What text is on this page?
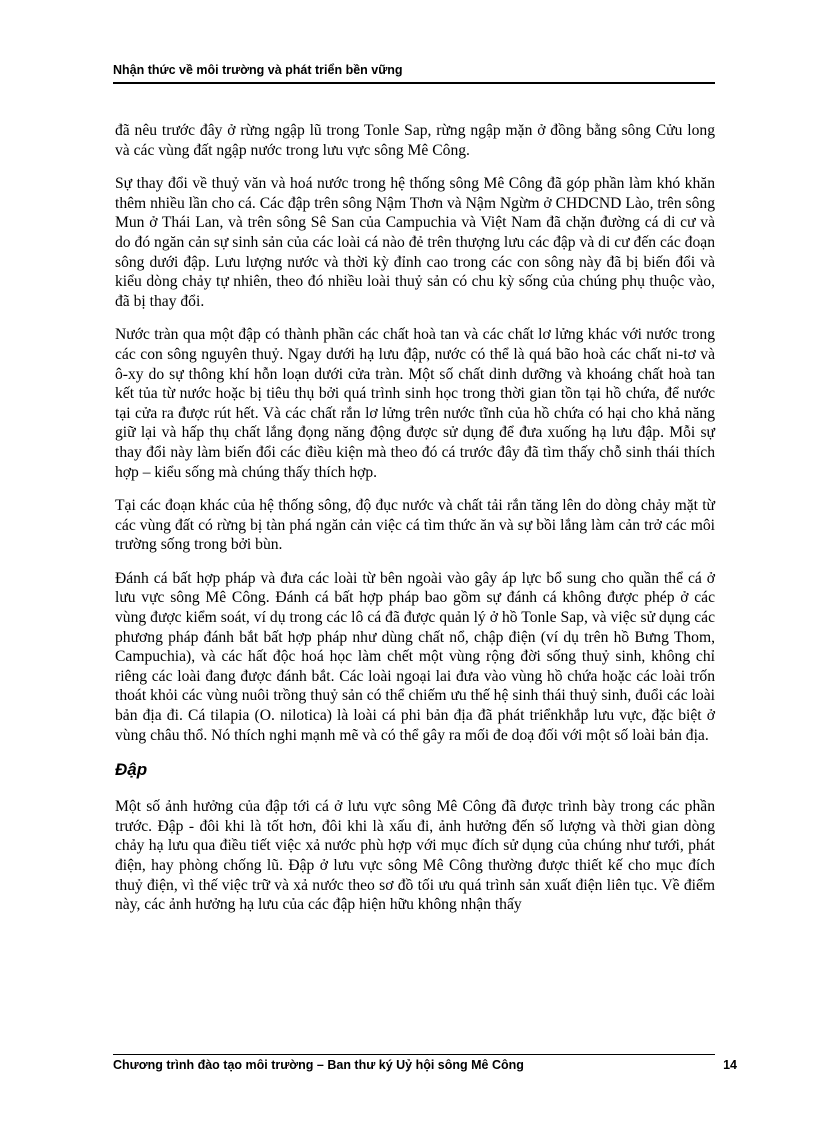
Nhận thức về môi trường và phát triển bền vững

đã nêu trước đây ở rừng ngập lũ trong Tonle Sap, rừng ngập mặn ở đồng bằng sông Cửu long và các vùng đất ngập nước trong lưu vực sông Mê Công.

Sự thay đổi về thuỷ văn và hoá nước trong hệ thống sông Mê Công đã góp phần làm khó khăn thêm nhiều lần cho cá. Các đập trên sông Nậm Thơn và Nậm Ngừm ở CHDCND Lào, trên sông Mun ở Thái Lan, và trên sông Sê San của Campuchia và Việt Nam đã chặn đường cá di cư và do đó ngăn cản sự sinh sản của các loài cá nào đẻ trên thượng lưu các đập và di cư đến các đoạn sông dưới đập. Lưu lượng nước và thời kỳ đỉnh cao trong các con sông này đã bị biến đổi và kiểu dòng chảy tự nhiên, theo đó nhiều loài thuỷ sản có chu kỳ sống của chúng phụ thuộc vào, đã bị thay đổi.

Nước tràn qua một đập có thành phần các chất hoà tan và các chất lơ lửng khác với nước trong các con sông nguyên thuỷ. Ngay dưới hạ lưu đập, nước có thể là quá bão hoà các chất ni-tơ và ô-xy do sự thông khí hỗn loạn dưới cửa tràn. Một số chất dinh dưỡng và khoáng chất hoà tan kết tủa từ nước hoặc bị tiêu thụ bởi quá trình sinh học trong thời gian tồn tại hồ chứa, để nước tại cửa ra được rút hết. Và các chất rắn lơ lửng trên nước tĩnh của hồ chứa có hại cho khả năng giữ lại và hấp thụ chất lắng đọng năng động được sử dụng để đưa xuống hạ lưu đập. Mỗi sự thay đổi này làm biến đổi các điều kiện mà theo đó cá trước đây đã tìm thấy chỗ sinh thái thích hợp – kiểu sống mà chúng thấy thích hợp.

Tại các đoạn khác của hệ thống sông, độ đục nước và chất tải rắn tăng lên do dòng chảy mặt từ các vùng đất có rừng bị tàn phá ngăn cản việc cá tìm thức ăn và sự bồi lắng làm cản trở các môi trường sống trong bởi bùn.

Đánh cá bất hợp pháp và đưa các loài từ bên ngoài vào gây áp lực bổ sung cho quần thể cá ở lưu vực sông Mê Công. Đánh cá bất hợp pháp bao gồm sự đánh cá không được phép ở các vùng được kiểm soát, ví dụ trong các lô cá đã được quản lý ở hồ Tonle Sap, và việc sử dụng các phương pháp đánh bắt bất hợp pháp như dùng chất nổ, chập điện (ví dụ trên hồ Bưng Thom, Campuchia), và các hất độc hoá học làm chết một vùng rộng đời sống thuỷ sinh, không chỉ riêng các loài đang được đánh bắt. Các loài ngoại lai đưa vào vùng hồ chứa hoặc các loài trốn thoát khỏi các vùng nuôi trồng thuỷ sản có thể chiếm ưu thế hệ sinh thái thuỷ sinh, đuổi các loài bản địa đi. Cá tilapia (O. nilotica) là loài cá phi bản địa đã phát triểnkhắp lưu vực, đặc biệt ở vùng châu thổ. Nó thích nghi mạnh mẽ và có thể gây ra mối đe doạ đối với một số loài bản địa.

Đập

Một số ảnh hưởng của đập tới cá ở lưu vực sông Mê Công đã được trình bày trong các phần trước. Đập - đôi khi là tốt hơn, đôi khi là xấu đi, ảnh hưởng đến số lượng và thời gian dòng chảy hạ lưu qua điều tiết việc xả nước phù hợp với mục đích sử dụng của chúng như tưới, phát điện, hay phòng chống lũ. Đập ở lưu vực sông Mê Công thường được thiết kế cho mục đích thuỷ điện, vì thế việc trữ và xả nước theo sơ đồ tối ưu quá trình sản xuất điện liên tục. Về điểm này, các ảnh hưởng hạ lưu của các đập hiện hữu không nhận thấy

Chương trình đào tạo môi trường – Ban thư ký Uỷ hội sông Mê Công	14
